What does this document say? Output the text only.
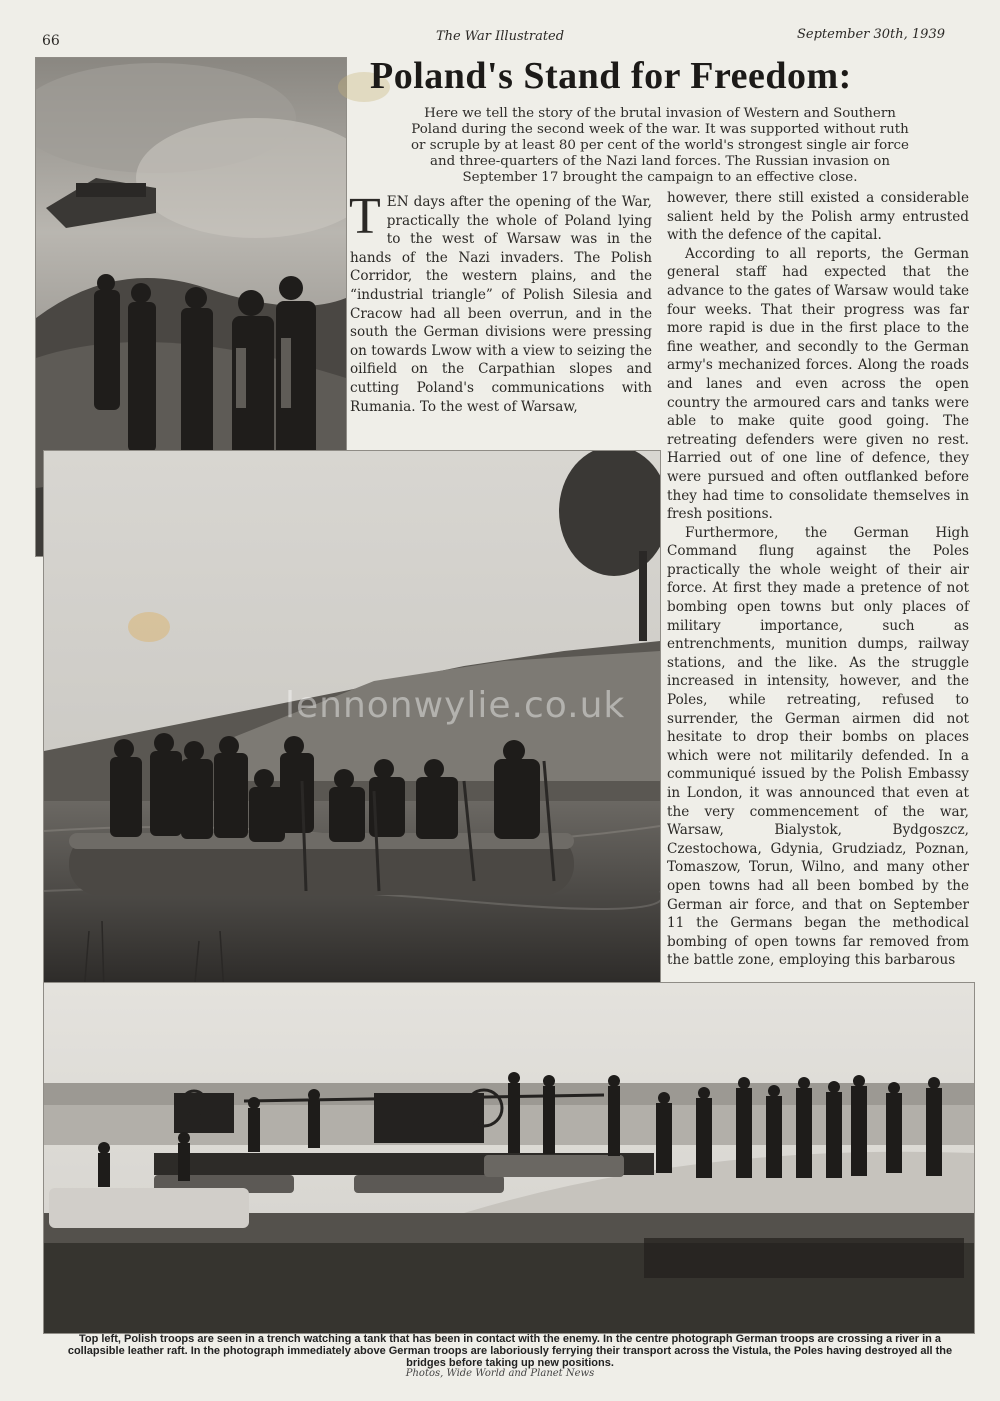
66	The War Illustrated	September 30th, 1939
Poland's Stand for Freedom:
Here we tell the story of the brutal invasion of Western and Southern Poland during the second week of the war. It was supported without ruth or scruple by at least 80 per cent of the world's strongest single air force and three-quarters of the Nazi land forces. The Russian invasion on September 17 brought the campaign to an effective close.

TEN days after the opening of the War, practically the whole of Poland lying to the west of Warsaw was in the hands of the Nazi invaders. The Polish Corridor, the western plains, and the “industrial triangle” of Polish Silesia and Cracow had all been overrun, and in the south the German divisions were pressing on towards Lwow with a view to seizing the oilfield on the Carpathian slopes and cutting Poland's communications with Rumania. To the west of Warsaw,

however, there still existed a considerable salient held by the Polish army entrusted with the defence of the capital.

According to all reports, the German general staff had expected that the advance to the gates of Warsaw would take four weeks. That their progress was far more rapid is due in the first place to the fine weather, and secondly to the German army's mechanized forces. Along the roads and lanes and even across the open country the armoured cars and tanks were able to make quite good going. The retreating defenders were given no rest. Harried out of one line of defence, they were pursued and often outflanked before they had time to consolidate themselves in fresh positions.

Furthermore, the German High Command flung against the Poles practically the whole weight of their air force. At first they made a pretence of not bombing open towns but only places of military importance, such as entrenchments, munition dumps, railway stations, and the like. As the struggle increased in intensity, however, and the Poles, while retreating, refused to surrender, the German airmen did not hesitate to drop their bombs on places which were not militarily defended. In a communiqué issued by the Polish Embassy in London, it was announced that even at the very commencement of the war, Warsaw, Bialystok, Bydgoszcz, Czestochowa, Gdynia, Grudziadz, Poznan, Tomaszow, Torun, Wilno, and many other open towns had all been bombed by the German air force, and that on September 11 the Germans began the methodical bombing of open towns far removed from the battle zone, employing this barbarous

lennonwylie.co.uk
Top left, Polish troops are seen in a trench watching a tank that has been in contact with the enemy. In the centre photograph German troops are crossing a river in a collapsible leather raft. In the photograph immediately above German troops are laboriously ferrying their transport across the Vistula, the Poles having destroyed all the bridges before taking up new positions.
Photos, Wide World and Planet News
